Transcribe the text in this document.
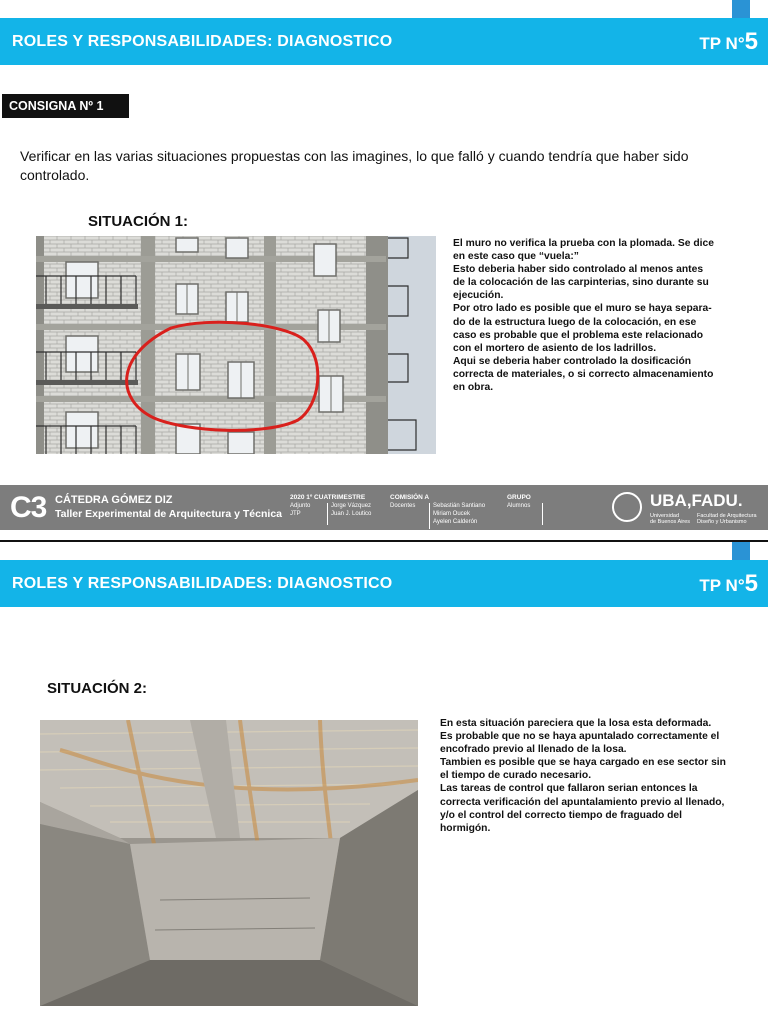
ROLES Y RESPONSABILIDADES: DIAGNOSTICO	TP N°5
CONSIGNA Nº 1
Verificar en las varias situaciones propuestas con las imagines, lo que falló y cuando tendría que haber sido controlado.
SITUACIÓN 1:

El muro no verifica la prueba con la plomada. Se dice

en este caso que “vuela:”

Esto deberia haber sido controlado al menos antes

de la colocación de las carpinterias, sino durante su

ejecución.

Por otro lado es posible que el muro se haya separa-

do de la estructura luego de la colocación, en ese

caso es probable que el problema este relacionado

con el mortero de asiento de los ladrillos.

Aqui se deberia haber controlado la dosificación

correcta de materiales, o si correcto almacenamiento

en obra.

C3 CÁTEDRA GÓMEZ DIZ
Taller Experimental de Arquitectura y Técnica
2020 1º CUATRIMESTRE
Adjunto
JTP
Jorge Vázquez
Juan J. Loutico
COMISIÓN A
Docentes	Sebastián Santiano
Miriam Oucek
Ayelen Calderón
GRUPO
Alumnos	UBA,FADU.
Universidad
de Buenos Aires
Facultad de Arquitectura
Diseño y Urbanismo
ROLES Y RESPONSABILIDADES: DIAGNOSTICO	TP N°5
SITUACIÓN 2:

En esta situación pareciera que la losa esta deformada.

Es probable que no se haya apuntalado correctamente el

encofrado previo al llenado de la losa.

Tambien es posible que se haya cargado en ese sector sin

el tiempo de curado necesario.

Las tareas de control que fallaron serian entonces la

correcta verificación del apuntalamiento previo al llenado,

y/o el control del correcto tiempo de fraguado del

hormigón.
